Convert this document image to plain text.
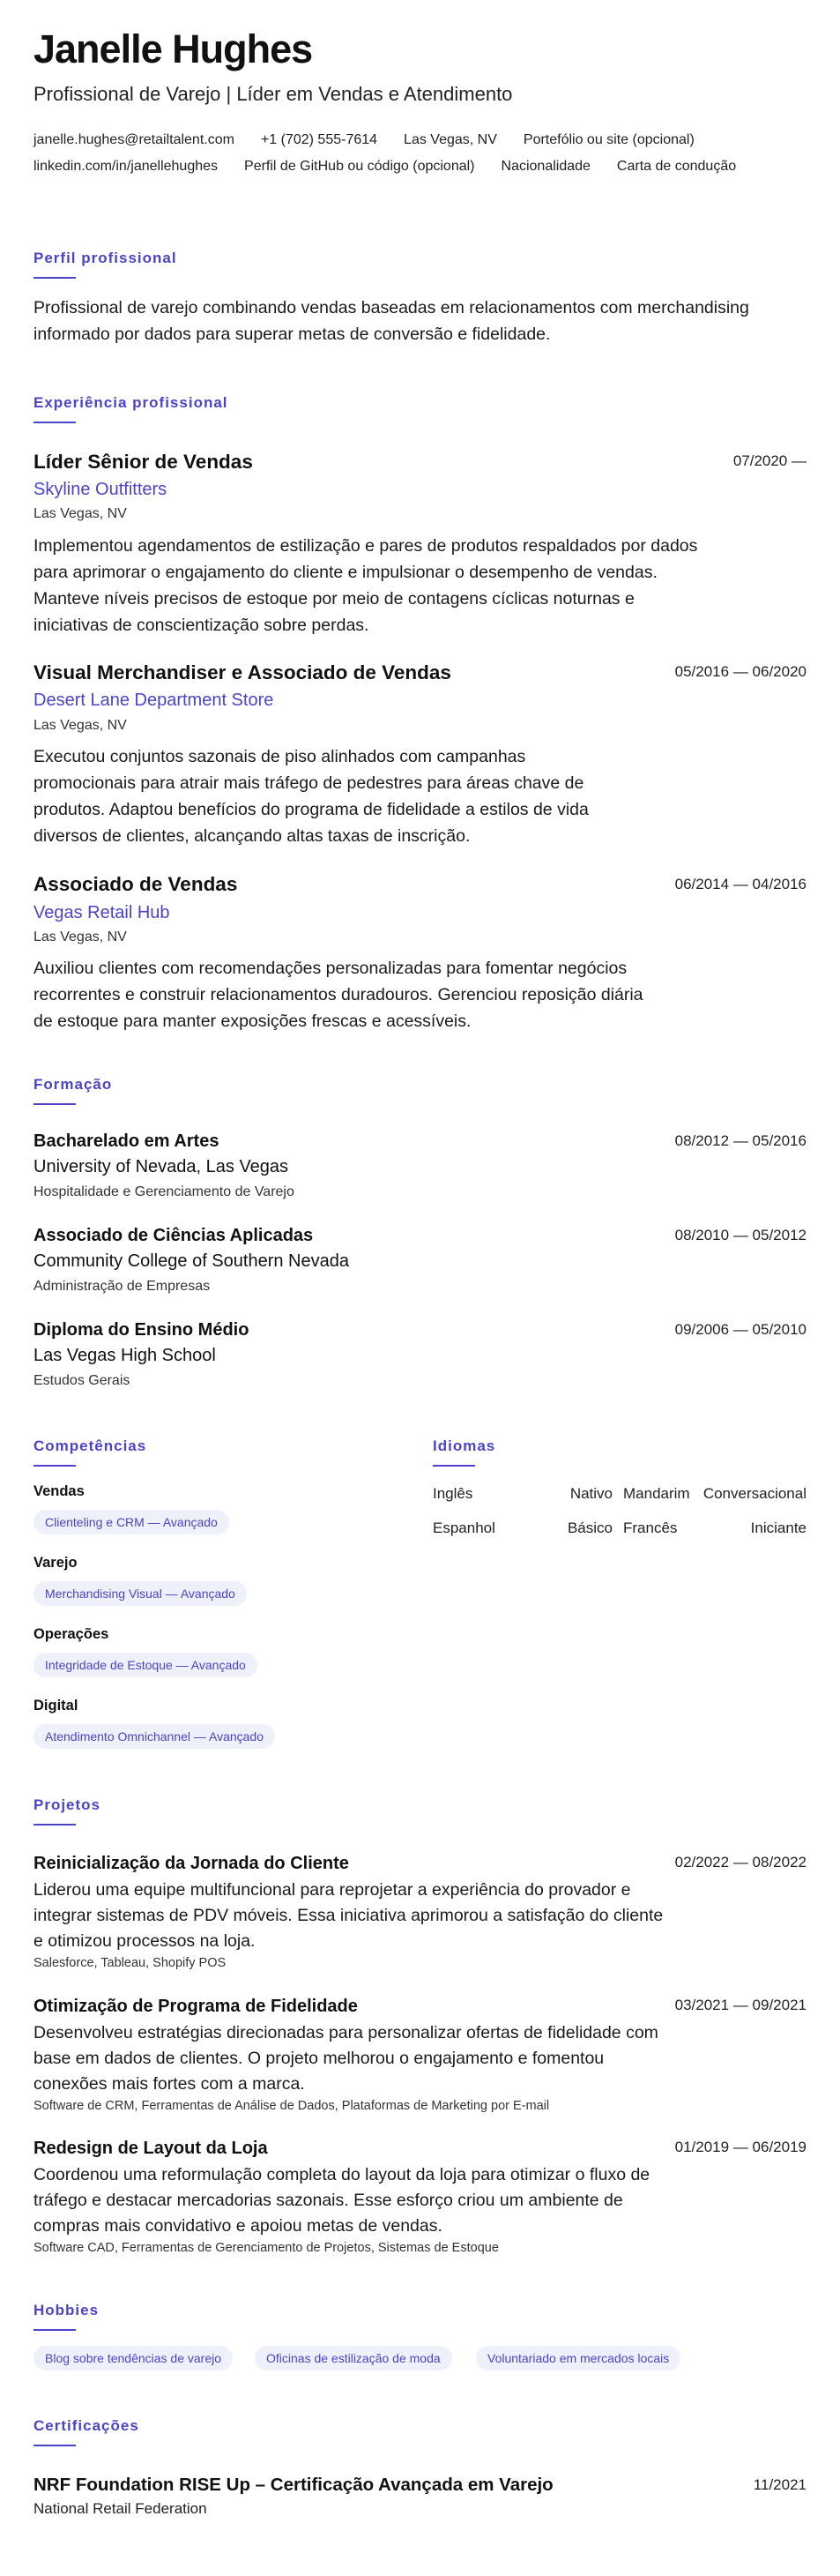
Janelle Hughes
Profissional de Varejo | Líder em Vendas e Atendimento
janelle.hughes@retailtalent.com +1 (702) 555-7614 Las Vegas, NV Portefólio ou site (opcional)
linkedin.com/in/janellehughes Perfil de GitHub ou código (opcional) Nacionalidade Carta de condução
Perfil profissional
Profissional de varejo combinando vendas baseadas em relacionamentos com merchandising informado por dados para superar metas de conversão e fidelidade.
Experiência profissional
Líder Sênior de Vendas	07/2020 —
Skyline Outfitters
Las Vegas, NV
Implementou agendamentos de estilização e pares de produtos respaldados por dados para aprimorar o engajamento do cliente e impulsionar o desempenho de vendas. Manteve níveis precisos de estoque por meio de contagens cíclicas noturnas e iniciativas de conscientização sobre perdas.
Visual Merchandiser e Associado de Vendas	05/2016 — 06/2020
Desert Lane Department Store
Las Vegas, NV
Executou conjuntos sazonais de piso alinhados com campanhas promocionais para atrair mais tráfego de pedestres para áreas chave de produtos. Adaptou benefícios do programa de fidelidade a estilos de vida diversos de clientes, alcançando altas taxas de inscrição.
Associado de Vendas	06/2014 — 04/2016
Vegas Retail Hub
Las Vegas, NV
Auxiliou clientes com recomendações personalizadas para fomentar negócios recorrentes e construir relacionamentos duradouros. Gerenciou reposição diária de estoque para manter exposições frescas e acessíveis.
Formação
Bacharelado em Artes	08/2012 — 05/2016
University of Nevada, Las Vegas
Hospitalidade e Gerenciamento de Varejo
Associado de Ciências Aplicadas	08/2010 — 05/2012
Community College of Southern Nevada
Administração de Empresas
Diploma do Ensino Médio	09/2006 — 05/2010
Las Vegas High School
Estudos Gerais
Competências
Vendas
Clienteling e CRM — Avançado
Varejo
Merchandising Visual — Avançado
Operações
Integridade de Estoque — Avançado
Digital
Atendimento Omnichannel — Avançado
Idiomas
Inglês	Nativo Mandarim Conversacional
Espanhol	Básico Francês	Iniciante
Projetos
Reinicialização da Jornada do Cliente	02/2022 — 08/2022
Liderou uma equipe multifuncional para reprojetar a experiência do provador e integrar sistemas de PDV móveis. Essa iniciativa aprimorou a satisfação do cliente e otimizou processos na loja.
Salesforce, Tableau, Shopify POS
Otimização de Programa de Fidelidade	03/2021 — 09/2021
Desenvolveu estratégias direcionadas para personalizar ofertas de fidelidade com base em dados de clientes. O projeto melhorou o engajamento e fomentou conexões mais fortes com a marca.
Software de CRM, Ferramentas de Análise de Dados, Plataformas de Marketing por E-mail
Redesign de Layout da Loja	01/2019 — 06/2019
Coordenou uma reformulação completa do layout da loja para otimizar o fluxo de tráfego e destacar mercadorias sazonais. Esse esforço criou um ambiente de compras mais convidativo e apoiou metas de vendas.
Software CAD, Ferramentas de Gerenciamento de Projetos, Sistemas de Estoque
Hobbies
Blog sobre tendências de varejo	Oficinas de estilização de moda	Voluntariado em mercados locais
Certificações
NRF Foundation RISE Up – Certificação Avançada em Varejo	11/2021
National Retail Federation
